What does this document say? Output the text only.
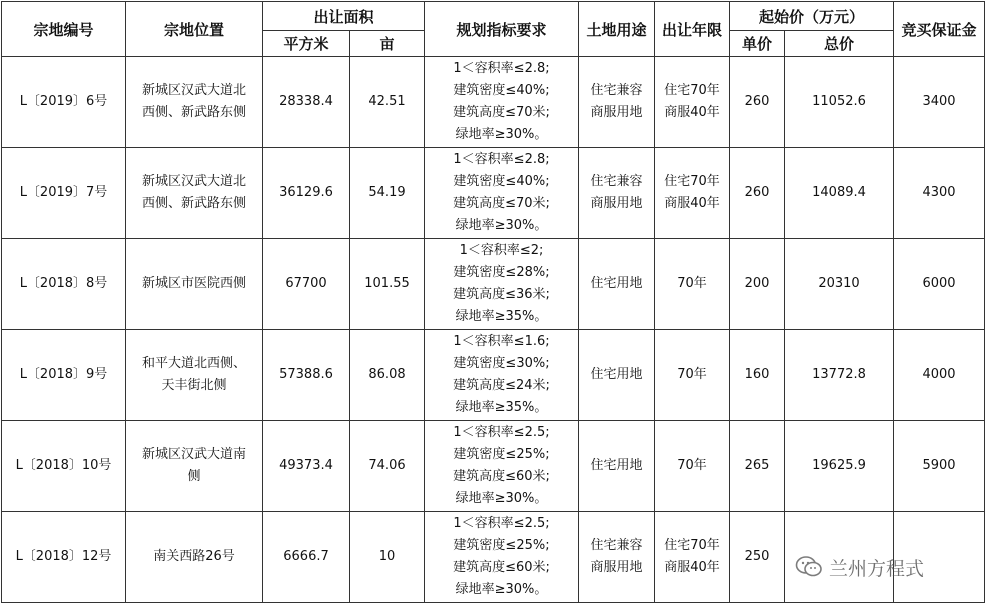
宗地编号	宗地位置	出让面积		规划指标要求	土地用途	出让年限	起始价（万元）		竞买保证金
		平方米	亩				单价	总价	
L〔2019〕6号	新城区汉武大道北
西侧、新武路东侧	28338.4	42.51	1＜容积率≤2.8;
建筑密度≤40%;
建筑高度≤70米;
绿地率≥30%。	住宅兼容
商服用地	住宅70年
商服40年	260	11052.6	3400
L〔2019〕7号	新城区汉武大道北
西侧、新武路东侧	36129.6	54.19	1＜容积率≤2.8;
建筑密度≤40%;
建筑高度≤70米;
绿地率≥30%。	住宅兼容
商服用地	住宅70年
商服40年	260	14089.4	4300
L〔2018〕8号	新城区市医院西侧	67700	101.55	1＜容积率≤2;
建筑密度≤28%;
建筑高度≤36米;
绿地率≥35%。	住宅用地	70年	200	20310	6000
L〔2018〕9号	和平大道北西侧、
天丰街北侧	57388.6	86.08	1＜容积率≤1.6;
建筑密度≤30%;
建筑高度≤24米;
绿地率≥35%。	住宅用地	70年	160	13772.8	4000
L〔2018〕10号	新城区汉武大道南
侧	49373.4	74.06	1＜容积率≤2.5;
建筑密度≤25%;
建筑高度≤60米;
绿地率≥30%。	住宅用地	70年	265	19625.9	5900
L〔2018〕12号	南关西路26号	6666.7	10	1＜容积率≤2.5;
建筑密度≤25%;
建筑高度≤60米;
绿地率≥30%。	住宅兼容
商服用地	住宅70年
商服40年	250		
兰州方程式
